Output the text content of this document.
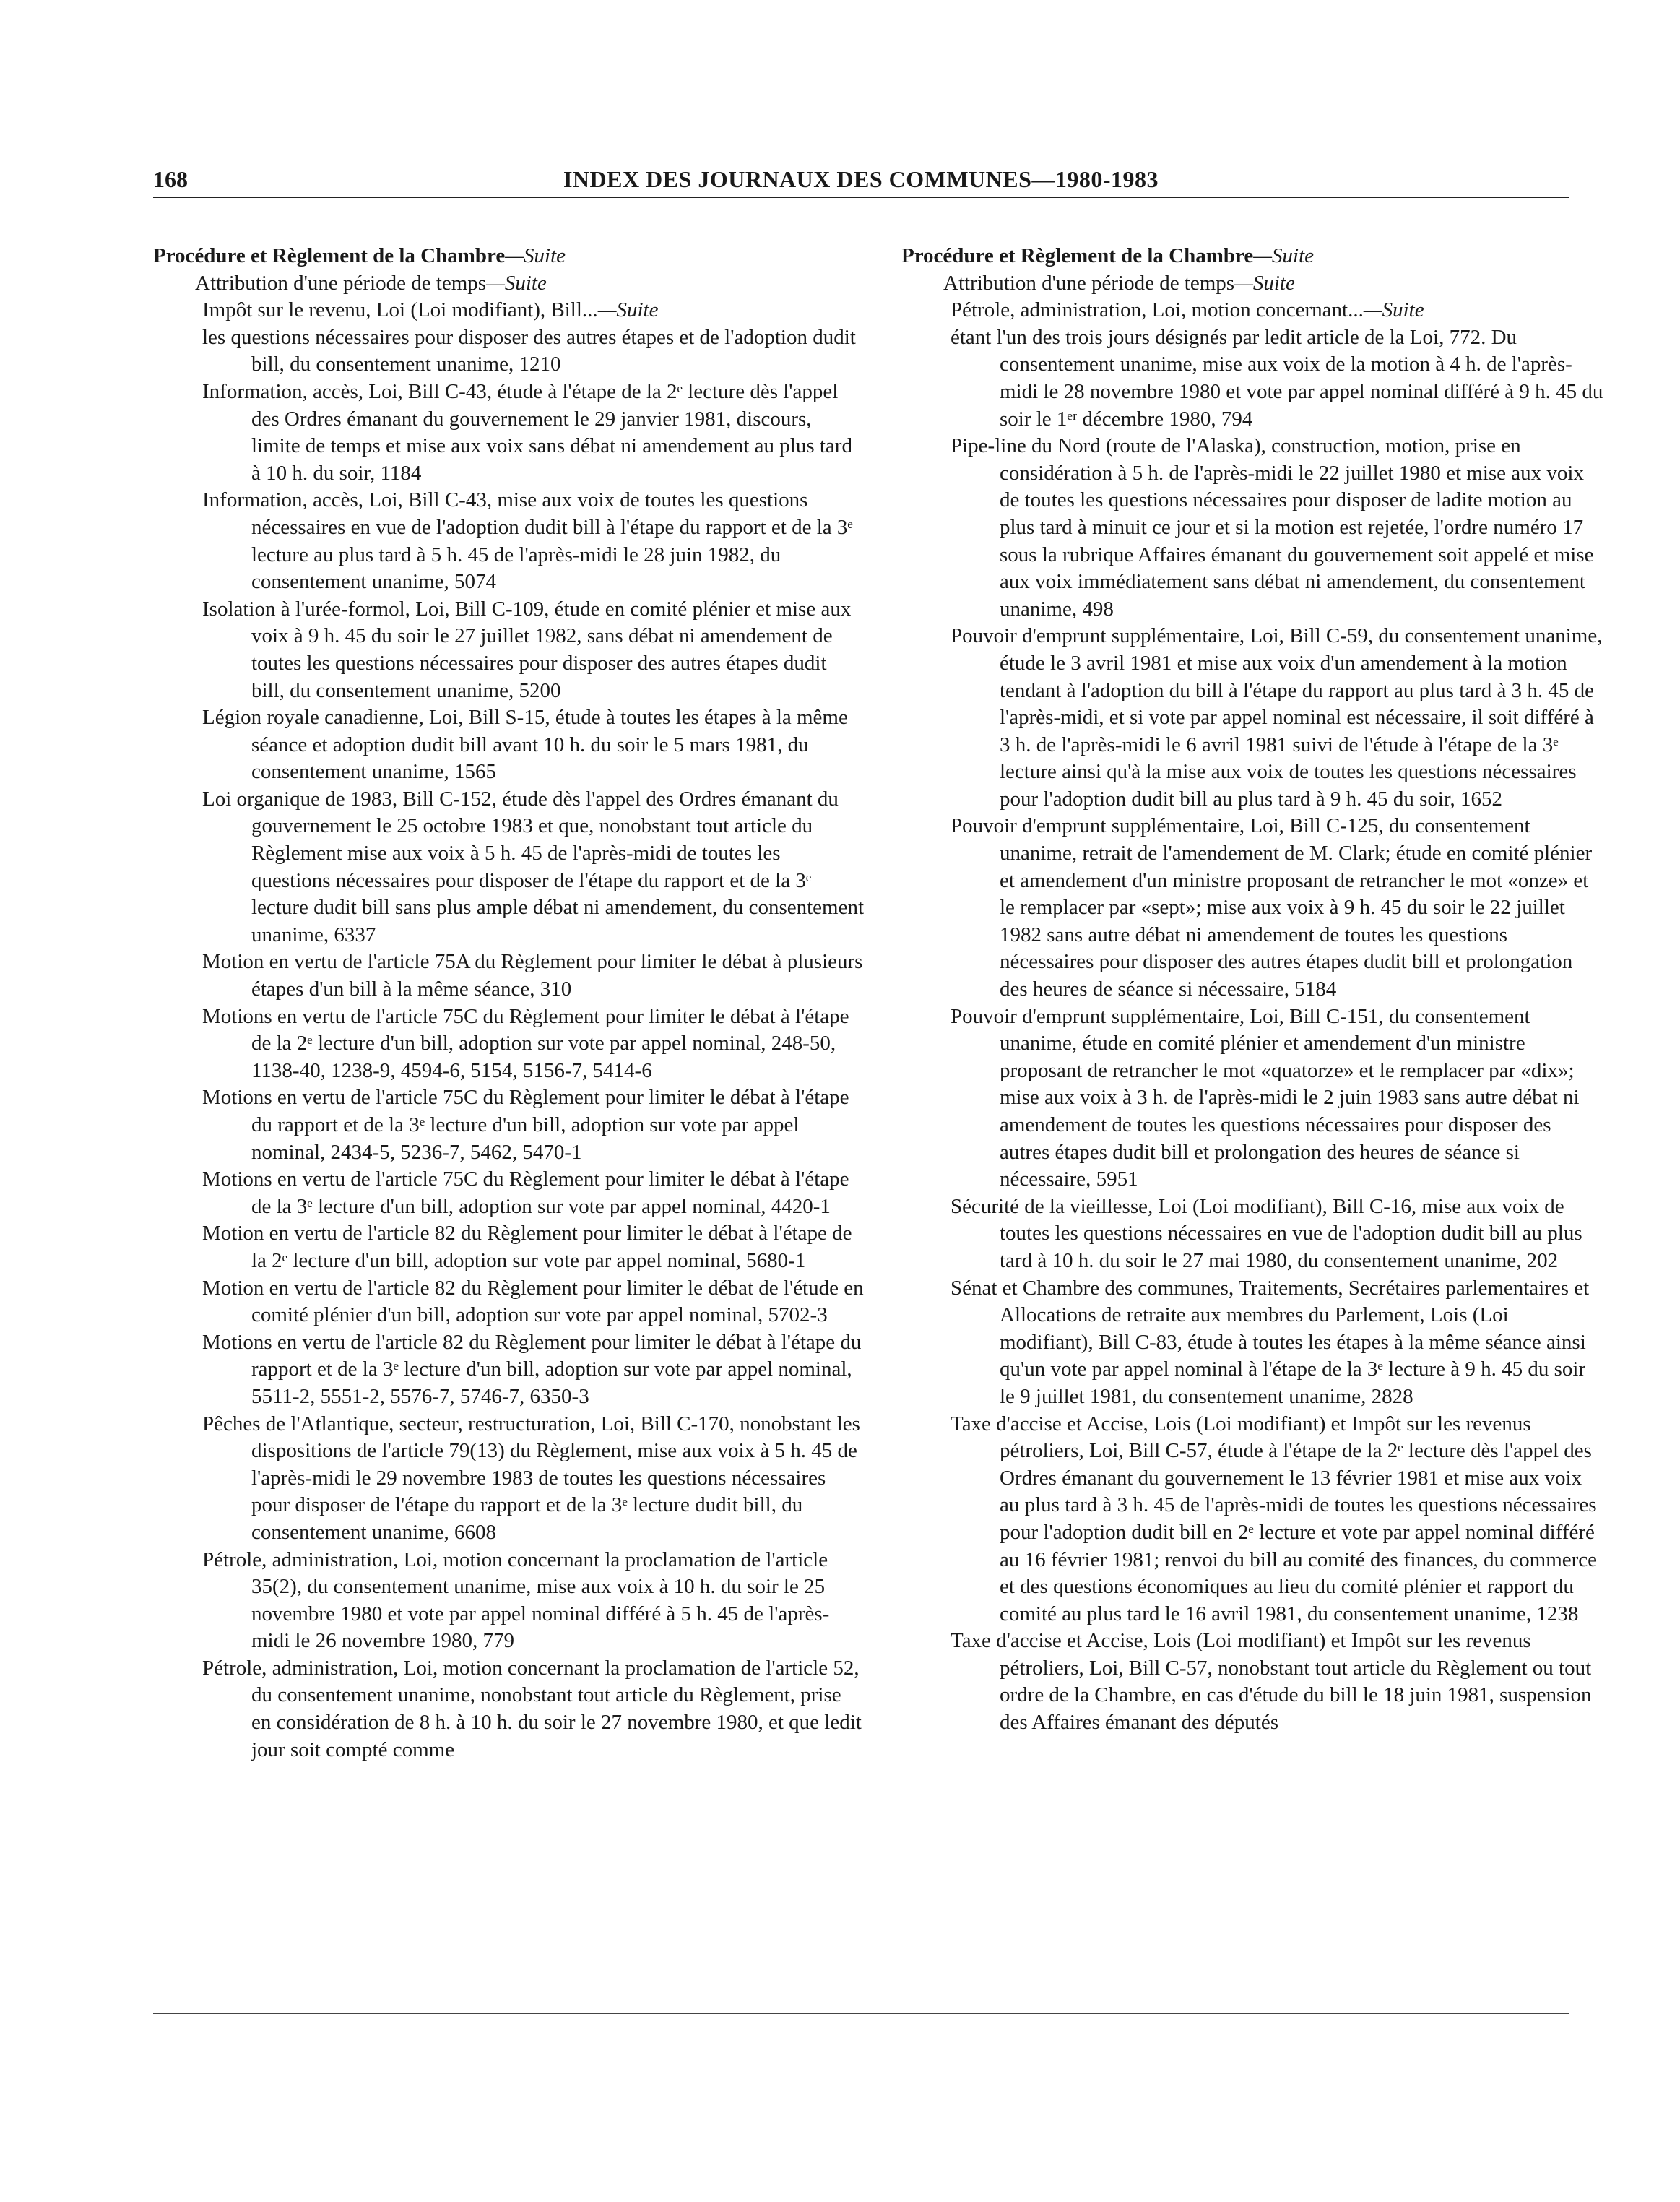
168	INDEX DES JOURNAUX DES COMMUNES—1980-1983

Procédure et Règlement de la Chambre—Suite

Attribution d'une période de temps—Suite

Impôt sur le revenu, Loi (Loi modifiant), Bill...—Suite

les questions nécessaires pour disposer des autres étapes et de l'adoption dudit bill, du consentement unanime, 1210

Information, accès, Loi, Bill C-43, étude à l'étape de la 2ᵉ lecture dès l'appel des Ordres émanant du gouvernement le 29 janvier 1981, discours, limite de temps et mise aux voix sans débat ni amendement au plus tard à 10 h. du soir, 1184

Information, accès, Loi, Bill C-43, mise aux voix de toutes les questions nécessaires en vue de l'adoption dudit bill à l'étape du rapport et de la 3ᵉ lecture au plus tard à 5 h. 45 de l'après-midi le 28 juin 1982, du consentement unanime, 5074

Isolation à l'urée-formol, Loi, Bill C-109, étude en comité plénier et mise aux voix à 9 h. 45 du soir le 27 juillet 1982, sans débat ni amendement de toutes les questions nécessaires pour disposer des autres étapes dudit bill, du consentement unanime, 5200

Légion royale canadienne, Loi, Bill S-15, étude à toutes les étapes à la même séance et adoption dudit bill avant 10 h. du soir le 5 mars 1981, du consentement unanime, 1565

Loi organique de 1983, Bill C-152, étude dès l'appel des Ordres émanant du gouvernement le 25 octobre 1983 et que, nonobstant tout article du Règlement mise aux voix à 5 h. 45 de l'après-midi de toutes les questions nécessaires pour disposer de l'étape du rapport et de la 3ᵉ lecture dudit bill sans plus ample débat ni amendement, du consentement unanime, 6337

Motion en vertu de l'article 75A du Règlement pour limiter le débat à plusieurs étapes d'un bill à la même séance, 310

Motions en vertu de l'article 75C du Règlement pour limiter le débat à l'étape de la 2ᵉ lecture d'un bill, adoption sur vote par appel nominal, 248-50, 1138-40, 1238-9, 4594-6, 5154, 5156-7, 5414-6

Motions en vertu de l'article 75C du Règlement pour limiter le débat à l'étape du rapport et de la 3ᵉ lecture d'un bill, adoption sur vote par appel nominal, 2434-5, 5236-7, 5462, 5470-1

Motions en vertu de l'article 75C du Règlement pour limiter le débat à l'étape de la 3ᵉ lecture d'un bill, adoption sur vote par appel nominal, 4420-1

Motion en vertu de l'article 82 du Règlement pour limiter le débat à l'étape de la 2ᵉ lecture d'un bill, adoption sur vote par appel nominal, 5680-1

Motion en vertu de l'article 82 du Règlement pour limiter le débat de l'étude en comité plénier d'un bill, adoption sur vote par appel nominal, 5702-3

Motions en vertu de l'article 82 du Règlement pour limiter le débat à l'étape du rapport et de la 3ᵉ lecture d'un bill, adoption sur vote par appel nominal, 5511-2, 5551-2, 5576-7, 5746-7, 6350-3

Pêches de l'Atlantique, secteur, restructuration, Loi, Bill C-170, nonobstant les dispositions de l'article 79(13) du Règlement, mise aux voix à 5 h. 45 de l'après-midi le 29 novembre 1983 de toutes les questions nécessaires pour disposer de l'étape du rapport et de la 3ᵉ lecture dudit bill, du consentement unanime, 6608

Pétrole, administration, Loi, motion concernant la proclamation de l'article 35(2), du consentement unanime, mise aux voix à 10 h. du soir le 25 novembre 1980 et vote par appel nominal différé à 5 h. 45 de l'après-midi le 26 novembre 1980, 779

Pétrole, administration, Loi, motion concernant la proclamation de l'article 52, du consentement unanime, nonobstant tout article du Règlement, prise en considération de 8 h. à 10 h. du soir le 27 novembre 1980, et que ledit jour soit compté comme

Procédure et Règlement de la Chambre—Suite

Attribution d'une période de temps—Suite

Pétrole, administration, Loi, motion concernant...—Suite

étant l'un des trois jours désignés par ledit article de la Loi, 772. Du consentement unanime, mise aux voix de la motion à 4 h. de l'après-midi le 28 novembre 1980 et vote par appel nominal différé à 9 h. 45 du soir le 1ᵉʳ décembre 1980, 794

Pipe-line du Nord (route de l'Alaska), construction, motion, prise en considération à 5 h. de l'après-midi le 22 juillet 1980 et mise aux voix de toutes les questions nécessaires pour disposer de ladite motion au plus tard à minuit ce jour et si la motion est rejetée, l'ordre numéro 17 sous la rubrique Affaires émanant du gouvernement soit appelé et mise aux voix immédiatement sans débat ni amendement, du consentement unanime, 498

Pouvoir d'emprunt supplémentaire, Loi, Bill C-59, du consentement unanime, étude le 3 avril 1981 et mise aux voix d'un amendement à la motion tendant à l'adoption du bill à l'étape du rapport au plus tard à 3 h. 45 de l'après-midi, et si vote par appel nominal est nécessaire, il soit différé à 3 h. de l'après-midi le 6 avril 1981 suivi de l'étude à l'étape de la 3ᵉ lecture ainsi qu'à la mise aux voix de toutes les questions nécessaires pour l'adoption dudit bill au plus tard à 9 h. 45 du soir, 1652

Pouvoir d'emprunt supplémentaire, Loi, Bill C-125, du consentement unanime, retrait de l'amendement de M. Clark; étude en comité plénier et amendement d'un ministre proposant de retrancher le mot «onze» et le remplacer par «sept»; mise aux voix à 9 h. 45 du soir le 22 juillet 1982 sans autre débat ni amendement de toutes les questions nécessaires pour disposer des autres étapes dudit bill et prolongation des heures de séance si nécessaire, 5184

Pouvoir d'emprunt supplémentaire, Loi, Bill C-151, du consentement unanime, étude en comité plénier et amendement d'un ministre proposant de retrancher le mot «quatorze» et le remplacer par «dix»; mise aux voix à 3 h. de l'après-midi le 2 juin 1983 sans autre débat ni amendement de toutes les questions nécessaires pour disposer des autres étapes dudit bill et prolongation des heures de séance si nécessaire, 5951

Sécurité de la vieillesse, Loi (Loi modifiant), Bill C-16, mise aux voix de toutes les questions nécessaires en vue de l'adoption dudit bill au plus tard à 10 h. du soir le 27 mai 1980, du consentement unanime, 202

Sénat et Chambre des communes, Traitements, Secrétaires parlementaires et Allocations de retraite aux membres du Parlement, Lois (Loi modifiant), Bill C-83, étude à toutes les étapes à la même séance ainsi qu'un vote par appel nominal à l'étape de la 3ᵉ lecture à 9 h. 45 du soir le 9 juillet 1981, du consentement unanime, 2828

Taxe d'accise et Accise, Lois (Loi modifiant) et Impôt sur les revenus pétroliers, Loi, Bill C-57, étude à l'étape de la 2ᵉ lecture dès l'appel des Ordres émanant du gouvernement le 13 février 1981 et mise aux voix au plus tard à 3 h. 45 de l'après-midi de toutes les questions nécessaires pour l'adoption dudit bill en 2ᵉ lecture et vote par appel nominal différé au 16 février 1981; renvoi du bill au comité des finances, du commerce et des questions économiques au lieu du comité plénier et rapport du comité au plus tard le 16 avril 1981, du consentement unanime, 1238

Taxe d'accise et Accise, Lois (Loi modifiant) et Impôt sur les revenus pétroliers, Loi, Bill C-57, nonobstant tout article du Règlement ou tout ordre de la Chambre, en cas d'étude du bill le 18 juin 1981, suspension des Affaires émanant des députés
